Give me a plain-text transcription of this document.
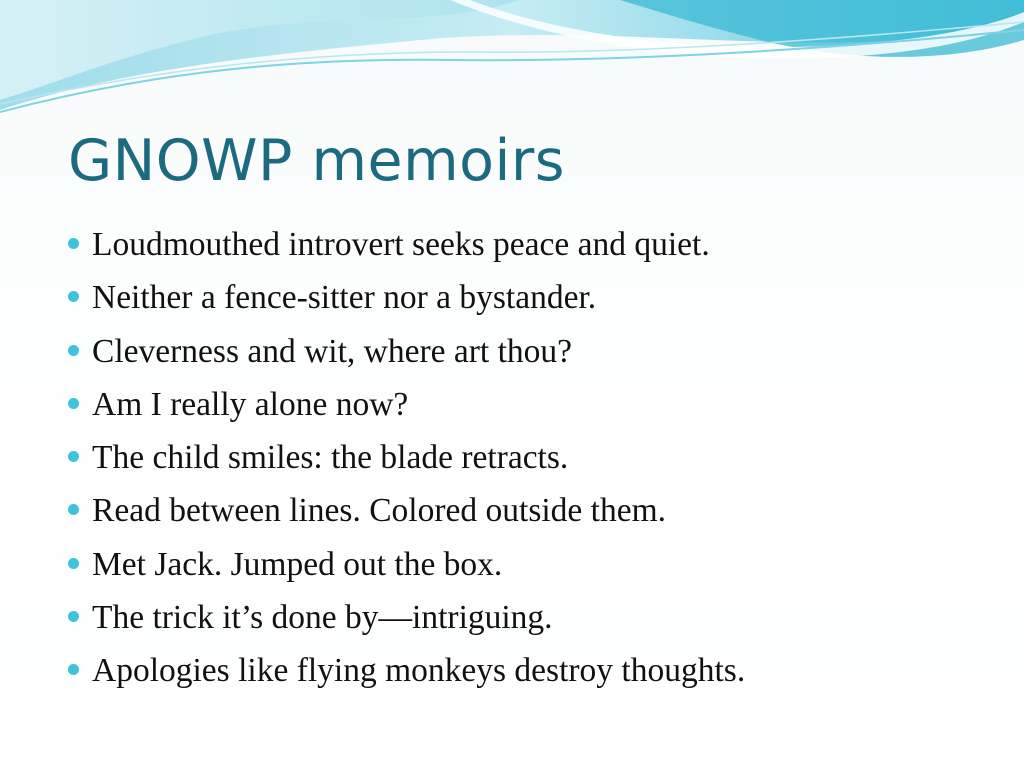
GNOWP memoirs
Loudmouthed introvert seeks peace and quiet.
Neither a fence-sitter nor a bystander.
Cleverness and wit, where art thou?
Am I really alone now?
The child smiles: the blade retracts.
Read between lines. Colored outside them.
Met Jack. Jumped out the box.
The trick it’s done by—intriguing.
Apologies like flying monkeys destroy thoughts.
